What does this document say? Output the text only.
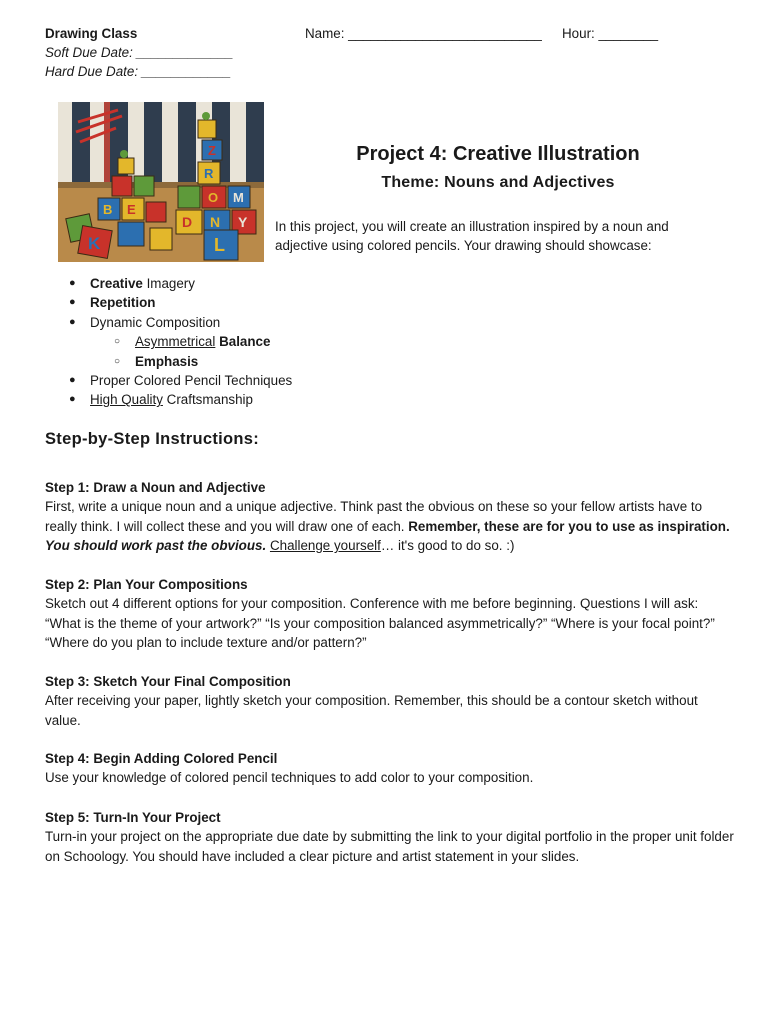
Drawing Class
Soft Due Date: _____________
Hard Due Date: ____________
Name: __________________________ Hour: ________
Z
R
O M
D N Y
L
B E
K
Project 4: Creative Illustration
Theme: Nouns and Adjectives
In this project, you will create an illustration inspired by a noun and adjective using colored pencils. Your drawing should showcase:
● Creative Imagery
● Repetition
● Dynamic Composition
○ Asymmetrical Balance
○ Emphasis
● Proper Colored Pencil Techniques
● High Quality Craftsmanship
Step-by-Step Instructions:
Step 1: Draw a Noun and Adjective
First, write a unique noun and a unique adjective. Think past the obvious on these so your fellow artists have to really think. I will collect these and you will draw one of each. Remember, these are for you to use as inspiration. You should work past the obvious. Challenge yourself… it's good to do so. :)
Step 2: Plan Your Compositions
Sketch out 4 different options for your composition. Conference with me before beginning. Questions I will ask: “What is the theme of your artwork?” “Is your composition balanced asymmetrically?” “Where is your focal point?” “Where do you plan to include texture and/or pattern?”
Step 3: Sketch Your Final Composition
After receiving your paper, lightly sketch your composition. Remember, this should be a contour sketch without value.
Step 4: Begin Adding Colored Pencil
Use your knowledge of colored pencil techniques to add color to your composition.
Step 5: Turn-In Your Project
Turn-in your project on the appropriate due date by submitting the link to your digital portfolio in the proper unit folder on Schoology. You should have included a clear picture and artist statement in your slides.
